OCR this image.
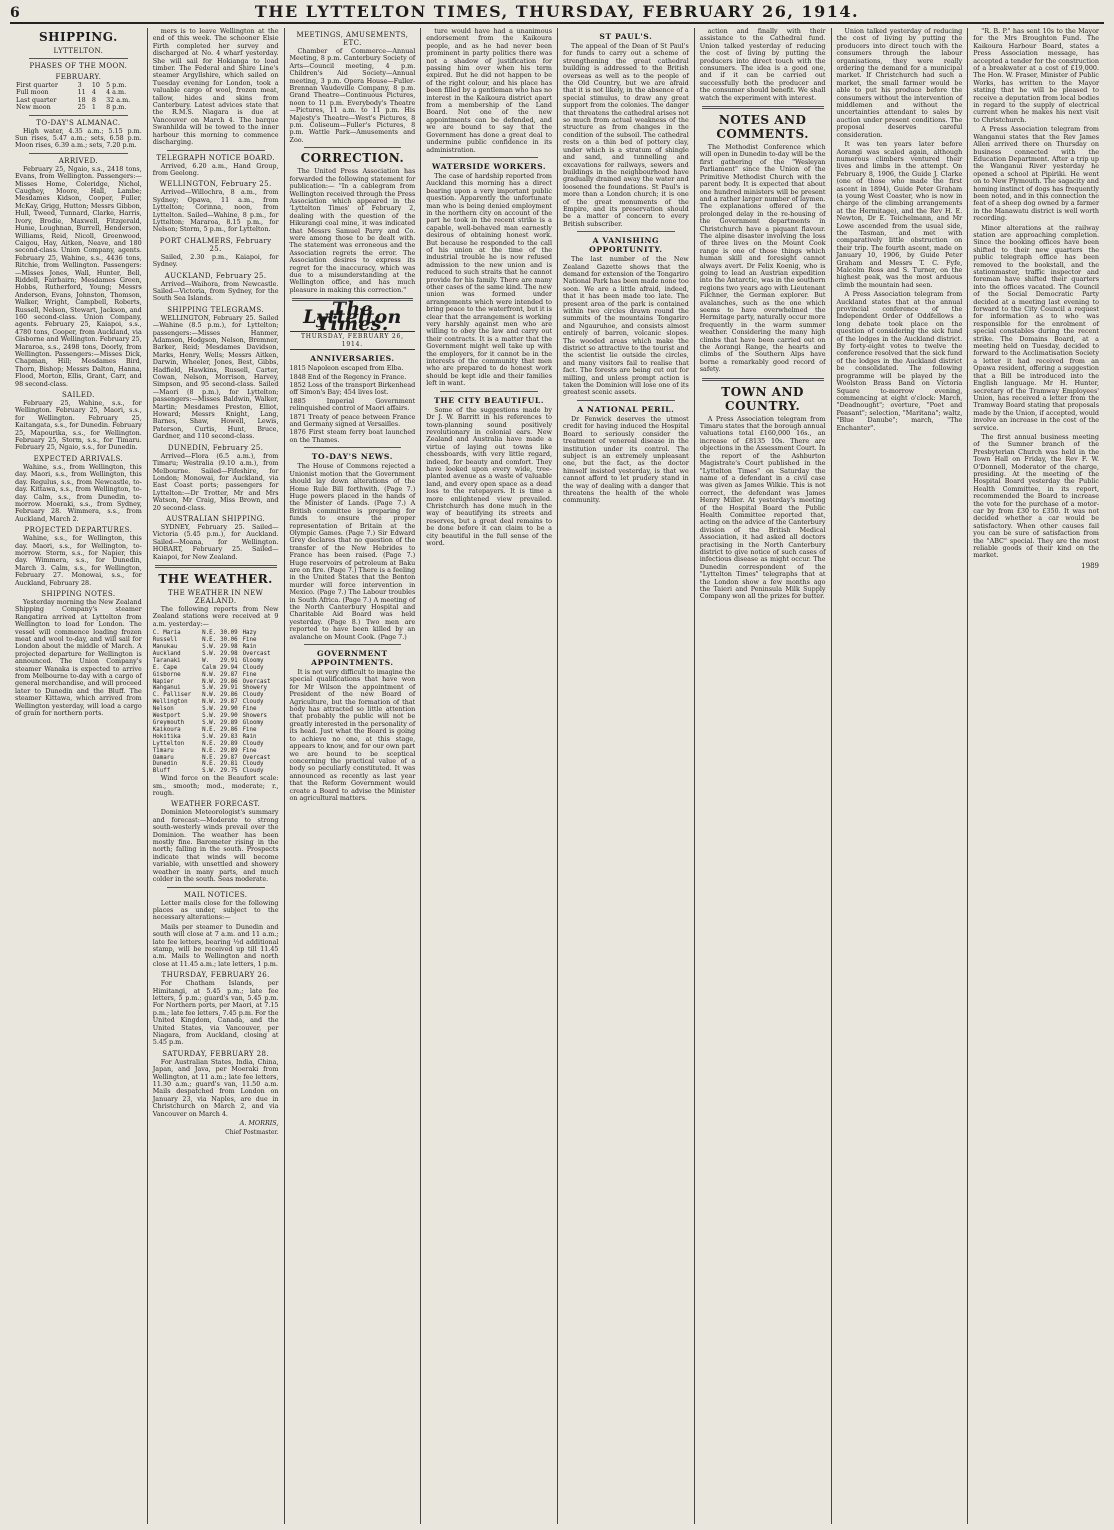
6	THE LYTTELTON TIMES, THURSDAY, FEBRUARY 26, 1914.
SHIPPING.
LYTTELTON.
PHASES OF THE MOON.
FEBRUARY.
First quarter	3	10	5 p.m.
Full moon	11	4	4 a.m.
Last quarter	18	8	32 a.m.
New moon	25	1	8 p.m.
TO-DAY'S ALMANAC.

High water, 4.35 a.m.; 5.15 p.m. Sun rises, 5.47 a.m.; sets, 6.58 p.m. Moon rises, 6.39 a.m.; sets, 7.20 p.m.

ARRIVED.

February 25, Ngaio, s.s., 2418 tons, Evans, from Wellington. Passengers:—Misses Home, Coleridge, Nichol, Caughey, Moore, Hall, Lambe; Mesdames Kidson, Cooper, Fuller, McKay, Grigg, Hutton; Messrs Gibbon, Hull, Tweed, Tunnard, Clarke, Harris, Ivory, Brodie, Maxwell, Fitzgerald, Hume, Loughnan, Burrell, Henderson, Williams, Reid, Nicoll, Greenwood, Caigou, Hay, Aitken, Neave, and 180 second-class. Union Company, agents. February 25, Wahine, s.s., 4436 tons, Ritchie, from Wellington. Passengers:—Misses Jones, Wall, Hunter, Bell, Riddell, Fairbairn; Mesdames Green, Hobbs, Rutherford, Young; Messrs Anderson, Evans, Johnston, Thomson, Walker, Wright, Campbell, Roberts, Russell, Nelson, Stewart, Jackson, and 160 second-class. Union Company, agents. February 25, Kaiapoi, s.s., 4780 tons, Cooper, from Auckland, via Gisborne and Wellington. February 25, Mararoa, s.s., 2498 tons, Doorly, from Wellington. Passengers:—Misses Dick, Chapman, Hill; Mesdames Bird, Thorn, Bishop; Messrs Dalton, Hanna, Flood, Morton, Ellis, Grant, Carr, and 98 second-class.

SAILED.

February 25, Wahine, s.s., for Wellington. February 25, Maori, s.s., for Wellington. February 25, Kaitangata, s.s., for Dunedin. February 25, Mapourika, s.s., for Wellington. February 25, Storm, s.s., for Timaru. February 25, Ngaio, s.s., for Dunedin.

EXPECTED ARRIVALS.

Wahine, s.s., from Wellington, this day. Maori, s.s., from Wellington, this day. Regulus, s.s., from Newcastle, to-day. Kittawa, s.s., from Wellington, to-day. Calm, s.s., from Dunedin, to-morrow. Moeraki, s.s., from Sydney, February 28. Wimmera, s.s., from Auckland, March 2.

PROJECTED DEPARTURES.

Wahine, s.s., for Wellington, this day. Maori, s.s., for Wellington, to-morrow. Storm, s.s., for Napier, this day. Wimmera, s.s., for Dunedin, March 3. Calm, s.s., for Wellington, February 27. Monowai, s.s., for Auckland, February 28.

SHIPPING NOTES.

Yesterday morning the New Zealand Shipping Company's steamer Rangatira arrived at Lyttelton from Wellington to load for London. The vessel will commence loading frozen meat and wool to-day, and will sail for London about the middle of March. A projected departure for Wellington is announced. The Union Company's steamer Wanaka is expected to arrive from Melbourne to-day with a cargo of general merchandise, and will proceed later to Dunedin and the Bluff. The steamer Kittawa, which arrived from Wellington yesterday, will load a cargo of grain for northern ports.

mers is to leave Wellington at the end of this week. The schooner Elsie Firth completed her survey and discharged at No. 4 wharf yesterday. She will sail for Hokianga to load timber. The Federal and Shire Line's steamer Argyllshire, which sailed on Tuesday evening for London, took a valuable cargo of wool, frozen meat, tallow, hides and skins from Canterbury. Latest advices state that the R.M.S. Niagara is due at Vancouver on March 4. The barque Swanhilda will be towed to the inner harbour this morning to commence discharging.

TELEGRAPH NOTICE BOARD.

Arrived, 6.20 a.m., Hand Group, from Geelong.

WELLINGTON, February 25.

Arrived—Willochra, 8 a.m., from Sydney; Opawa, 11 a.m., from Lyttelton; Corinna, noon, from Lyttelton. Sailed—Wahine, 8 p.m., for Lyttelton; Mararoa, 8.15 p.m., for Nelson; Storm, 5 p.m., for Lyttelton.

PORT CHALMERS, February 25.

Sailed, 2.30 p.m., Kaiapoi, for Sydney.

AUCKLAND, February 25.

Arrived—Waihora, from Newcastle. Sailed—Victoria, from Sydney, for the South Sea Islands.

SHIPPING TELEGRAMS.

WELLINGTON, February 25. Sailed—Wahine (8.5 p.m.), for Lyttelton; passengers:—Misses Hanmer, Adamson, Hodgson, Nelson, Bremner, Barker, Reid; Mesdames Davidson, Marks, Henry, Wells; Messrs Aitken, Darwin, Wheeler, Jones, Best, Gibbs, Hadfield, Hawkins, Russell, Carter, Cowan, Nelson, Morrison, Harvey, Simpson, and 95 second-class. Sailed—Maori (8 p.m.), for Lyttelton; passengers:—Misses Baldwin, Walker, Martin; Mesdames Preston, Elliot, Howard; Messrs Knight, Lang, Barnes, Shaw, Howell, Lewis, Paterson, Curtis, Hunt, Bruce, Gardner, and 110 second-class.

DUNEDIN, February 25.

Arrived—Flora (6.5 a.m.), from Timaru; Westralia (9.10 a.m.), from Melbourne. Sailed—Fifeshire, for London; Monowai, for Auckland, via East Coast ports; passengers for Lyttelton:—Dr Trotter, Mr and Mrs Watson, Mr Craig, Miss Brown, and 20 second-class.

AUSTRALIAN SHIPPING.

SYDNEY, February 25. Sailed—Victoria (5.45 p.m.), for Auckland. Sailed—Moana, for Wellington. HOBART, February 25. Sailed—Kaiapoi, for New Zealand.

THE WEATHER.
THE WEATHER IN NEW ZEALAND.

The following reports from New Zealand stations were received at 9 a.m. yesterday:—

C. Maria	N.E.	30.09	Hazy
Russell	N.E.	30.06	Fine
Manukau	S.W.	29.98	Rain
Auckland	S.W.	29.98	Overcast
Taranaki	W.	29.91	Gloomy
E. Cape	Calm	29.94	Cloudy
Gisborne	N.W.	29.87	Fine
Napier	N.W.	29.86	Overcast
Wanganui	S.W.	29.91	Showery
C. Palliser	N.W.	29.86	Cloudy
Wellington	N.W.	29.87	Cloudy
Nelson	S.W.	29.90	Fine
Westport	S.W.	29.90	Showers
Greymouth	S.W.	29.89	Gloomy
Kaikoura	N.E.	29.86	Fine
Hokitika	S.W.	29.83	Rain
Lyttelton	N.E.	29.89	Cloudy
Timaru	N.E.	29.89	Fine
Oamaru	N.E.	29.87	Overcast
Dunedin	N.E.	29.81	Cloudy
Bluff	S.W.	29.75	Cloudy

Wind force on the Beaufort scale: sm., smooth; mod., moderate; r., rough.

WEATHER FORECAST.

Dominion Meteorologist's summary and forecast:—Moderate to strong south-westerly winds prevail over the Dominion. The weather has been mostly fine. Barometer rising in the north; falling in the south. Prospects indicate that winds will become variable, with unsettled and showery weather in many parts, and much colder in the south. Seas moderate.

MAIL NOTICES.

Letter mails close for the following places as under, subject to the necessary alterations:—

Mails per steamer to Dunedin and south will close at 7 a.m. and 11 a.m.; late fee letters, bearing ½d additional stamp, will be received up till 11.45 a.m. Mails to Wellington and north close at 11.45 a.m.; late letters, 1 p.m.

THURSDAY, FEBRUARY 26.

For Chatham Islands, per Himitangi, at 5.45 p.m.; late fee letters, 5 p.m.; guard's van, 5.45 p.m. For Northern ports, per Maori, at 7.15 p.m.; late fee letters, 7.45 p.m. For the United Kingdom, Canada, and the United States, via Vancouver, per Niagara, from Auckland, closing at 5.45 p.m.

SATURDAY, FEBRUARY 28.

For Australian States, India, China, Japan, and Java, per Moeraki from Wellington, at 11 a.m.; late fee letters, 11.30 a.m.; guard's van, 11.50 a.m. Mails despatched from London on January 23, via Naples, are due in Christchurch on March 2, and via Vancouver on March 4.

A. MORRIS,
Chief Postmaster.
MEETINGS, AMUSEMENTS, ETC.

Chamber of Commerce—Annual Meeting, 8 p.m. Canterbury Society of Arts—Council meeting, 4 p.m. Children's Aid Society—Annual meeting, 3 p.m. Opera House—Fuller-Brennan Vaudeville Company, 8 p.m. Grand Theatre—Continuous Pictures, noon to 11 p.m. Everybody's Theatre—Pictures, 11 a.m. to 11 p.m. His Majesty's Theatre—West's Pictures, 8 p.m. Coliseum—Fuller's Pictures, 8 p.m. Wattle Park—Amusements and Zoo.

CORRECTION.

The United Press Association has forwarded the following statement for publication:— "In a cablegram from Wellington received through the Press Association which appeared in the 'Lyttelton Times' of February 2, dealing with the question of the Hikurangi coal mine, it was indicated that Messrs Samuel Parry and Co. were among those to be dealt with. The statement was erroneous and the Association regrets the error. The Association desires to express its regret for the inaccuracy, which was due to a misunderstanding at the Wellington office, and has much pleasure in making this correction."

The Lyttelton Times.
THURSDAY, FEBRUARY 26, 1914.
ANNIVERSARIES.
1815 Napoleon escaped from Elba.
1848 End of the Regency in France.
1852 Loss of the transport Birkenhead off Simon's Bay; 454 lives lost.
1885 Imperial Government relinquished control of Maori affairs.
1871 Treaty of peace between France and Germany signed at Versailles.
1876 First steam ferry boat launched on the Thames.
TO-DAY'S NEWS.

The House of Commons rejected a Unionist motion that the Government should lay down alterations of the Home Rule Bill forthwith. (Page 7.) Huge powers placed in the hands of the Minister of Lands. (Page 7.) A British committee is preparing for funds to ensure the proper representation of Britain at the Olympic Games. (Page 7.) Sir Edward Grey declares that no question of the transfer of the New Hebrides to France has been raised. (Page 7.) Huge reservoirs of petroleum at Baku are on fire. (Page 7.) There is a feeling in the United States that the Benton murder will force intervention in Mexico. (Page 7.) The Labour troubles in South Africa. (Page 7.) A meeting of the North Canterbury Hospital and Charitable Aid Board was held yesterday. (Page 8.) Two men are reported to have been killed by an avalanche on Mount Cook. (Page 7.)

GOVERNMENT APPOINTMENTS.

It is not very difficult to imagine the special qualifications that have won for Mr Wilson the appointment of President of the new Board of Agriculture, but the formation of that body has attracted so little attention that probably the public will not be greatly interested in the personality of its head. Just what the Board is going to achieve no one, at this stage, appears to know, and for our own part we are bound to be sceptical concerning the practical value of a body so peculiarly constituted. It was announced as recently as last year that the Reform Government would create a Board to advise the Minister on agricultural matters.

ture would have had a unanimous endorsement from the Kaikoura people, and as he had never been prominent in party politics there was not a shadow of justification for passing him over when his term expired. But he did not happen to be of the right colour, and his place has been filled by a gentleman who has no interest in the Kaikoura district apart from a membership of the Land Board. Not one of the new appointments can be defended, and we are bound to say that the Government has done a great deal to undermine public confidence in its administration.

WATERSIDE WORKERS.

The case of hardship reported from Auckland this morning has a direct bearing upon a very important public question. Apparently the unfortunate man who is being denied employment in the northern city on account of the part he took in the recent strike is a capable, well-behaved man earnestly desirous of obtaining honest work. But because he responded to the call of his union at the time of the industrial trouble he is now refused admission to the new union and is reduced to such straits that he cannot provide for his family. There are many other cases of the same kind. The new union was formed under arrangements which were intended to bring peace to the waterfront, but it is clear that the arrangement is working very harshly against men who are willing to obey the law and carry out their contracts. It is a matter that the Government might well take up with the employers, for it cannot be in the interests of the community that men who are prepared to do honest work should be kept idle and their families left in want.

THE CITY BEAUTIFUL.

Some of the suggestions made by Dr J. W. Barritt in his references to town-planning sound positively revolutionary in colonial ears. New Zealand and Australia have made a virtue of laying out towns like chessboards, with very little regard, indeed, for beauty and comfort. They have looked upon every wide, tree-planted avenue as a waste of valuable land, and every open space as a dead loss to the ratepayers. It is time a more enlightened view prevailed. Christchurch has done much in the way of beautifying its streets and reserves, but a great deal remains to be done before it can claim to be a city beautiful in the full sense of the word.

ST PAUL'S.

The appeal of the Dean of St Paul's for funds to carry out a scheme of strengthening the great cathedral building is addressed to the British overseas as well as to the people of the Old Country, but we are afraid that it is not likely, in the absence of a special stimulus, to draw any great support from the colonies. The danger that threatens the cathedral arises not so much from actual weakness of the structure as from changes in the condition of the subsoil. The cathedral rests on a thin bed of pottery clay, under which is a stratum of shingle and sand, and tunnelling and excavations for railways, sewers and buildings in the neighbourhood have gradually drained away the water and loosened the foundations. St Paul's is more than a London church; it is one of the great monuments of the Empire, and its preservation should be a matter of concern to every British subscriber.

A VANISHING OPPORTUNITY.

The last number of the New Zealand Gazette shows that the demand for extension of the Tongariro National Park has been made none too soon. We are a little afraid, indeed, that it has been made too late. The present area of the park is contained within two circles drawn round the summits of the mountains Tongariro and Ngauruhoe, and consists almost entirely of barren, volcanic slopes. The wooded areas which make the district so attractive to the tourist and the scientist lie outside the circles, and many visitors fail to realise that fact. The forests are being cut out for milling, and unless prompt action is taken the Dominion will lose one of its greatest scenic assets.

A NATIONAL PERIL.

Dr Fenwick deserves the utmost credit for having induced the Hospital Board to seriously consider the treatment of venereal disease in the institution under its control. The subject is an extremely unpleasant one, but the fact, as the doctor himself insisted yesterday, is that we cannot afford to let prudery stand in the way of dealing with a danger that threatens the health of the whole community.

action and finally with their assistance to the Cathedral fund. Union talked yesterday of reducing the cost of living by putting the producers into direct touch with the consumers. The idea is a good one, and if it can be carried out successfully both the producer and the consumer should benefit. We shall watch the experiment with interest.

NOTES AND COMMENTS.

The Methodist Conference which will open in Dunedin to-day will be the first gathering of the "Wesleyan Parliament" since the Union of the Primitive Methodist Church with the parent body. It is expected that about one hundred ministers will be present and a rather larger number of laymen. The explanations offered of the prolonged delay in the re-housing of the Government departments in Christchurch have a piquant flavour. The alpine disaster involving the loss of three lives on the Mount Cook range is one of those things which human skill and foresight cannot always avert. Dr Felix Koenig, who is going to lead an Austrian expedition into the Antarctic, was in the southern regions two years ago with Lieutenant Filchner, the German explorer. But avalanches, such as the one which seems to have overwhelmed the Hermitage party, naturally occur more frequently in the warm summer weather. Considering the many high climbs that have been carried out on the Aorangi Range, the hearts and climbs of the Southern Alps have borne a remarkably good record of safety.

TOWN AND COUNTRY.

A Press Association telegram from Timaru states that the borough annual valuations total £160,000 16s., an increase of £8135 10s. There are objections in the Assessment Court. In the report of the Ashburton Magistrate's Court published in the "Lyttelton Times" on Saturday the name of a defendant in a civil case was given as James Wilkie. This is not correct, the defendant was James Henry Miller. At yesterday's meeting of the Hospital Board the Public Health Committee reported that, acting on the advice of the Canterbury division of the British Medical Association, it had asked all doctors practising in the North Canterbury district to give notice of such cases of infectious disease as might occur. The Dunedin correspondent of the "Lyttelton Times" telegraphs that at the London show a few months ago the Taieri and Peninsula Milk Supply Company won all the prizes for butter.

Union talked yesterday of reducing the cost of living by putting the producers into direct touch with the consumers through the labour organisations, they were really ordering the demand for a municipal market. If Christchurch had such a market, the small farmer would be able to put his produce before the consumers without the intervention of middlemen and without the uncertainties attendant to sales by auction under present conditions. The proposal deserves careful consideration.

It was ten years later before Aorangi was scaled again, although numerous climbers ventured their lives and limbs in the attempt. On February 8, 1906, the Guide J. Clarke (one of those who made the first ascent in 1894), Guide Peter Graham (a young West Coaster, who is now in charge of the climbing arrangements at the Hermitage), and the Rev H. E. Newton, Dr E. Teichelmann, and Mr Lowe ascended from the usual side, the Tasman, and met with comparatively little obstruction on their trip. The fourth ascent, made on January 10, 1906, by Guide Peter Graham and Messrs T. C. Fyfe, Malcolm Ross and S. Turner, on the highest peak, was the most arduous climb the mountain had seen.

A Press Association telegram from Auckland states that at the annual provincial conference of the Independent Order of Oddfellows a long debate took place on the question of considering the sick fund of the lodges in the Auckland district. By forty-eight votes to twelve the conference resolved that the sick fund of the lodges in the Auckland district be consolidated. The following programme will be played by the Woolston Brass Band on Victoria Square to-morrow evening, commencing at eight o'clock: March, "Deadnought"; overture, "Poet and Peasant"; selection, "Maritana"; waltz, "Blue Danube"; march, "The Enchanter".

"R. B. P." has sent 10s to the Mayor for the Mrs Broughton Fund. The Kaikoura Harbour Board, states a Press Association message, has accepted a tender for the construction of a breakwater at a cost of £19,000. The Hon. W. Fraser, Minister of Public Works, has written to the Mayor stating that he will be pleased to receive a deputation from local bodies in regard to the supply of electrical current when he makes his next visit to Christchurch.

A Press Association telegram from Wanganui states that the Rev James Allen arrived there on Thursday on business connected with the Education Department. After a trip up the Wanganui River yesterday he opened a school at Pipiriki. He went on to New Plymouth. The sagacity and homing instinct of dogs has frequently been noted, and in this connection the feat of a sheep dog owned by a farmer in the Manawatu district is well worth recording.

Minor alterations at the railway station are approaching completion. Since the booking offices have been shifted to their new quarters the public telegraph office has been removed to the bookstall, and the stationmaster, traffic inspector and foreman have shifted their quarters into the offices vacated. The Council of the Social Democratic Party decided at a meeting last evening to forward to the City Council a request for information as to who was responsible for the enrolment of special constables during the recent strike. The Domains Board, at a meeting held on Tuesday, decided to forward to the Acclimatisation Society a letter it had received from an Opawa resident, offering a suggestion that a Bill be introduced into the English language. Mr H. Hunter, secretary of the Tramway Employees' Union, has received a letter from the Tramway Board stating that proposals made by the Union, if accepted, would involve an increase in the cost of the service.

The first annual business meeting of the Sumner branch of the Presbyterian Church was held in the Town Hall on Friday, the Rev F. W. O'Donnell, Moderator of the charge, presiding. At the meeting of the Hospital Board yesterday the Public Health Committee, in its report, recommended the Board to increase the vote for the purchase of a motor-car by from £30 to £350. It was not decided whether a car would be satisfactory. When other causes fail you can be sure of satisfaction from the "ABC" special. They are the most reliable goods of their kind on the market.

1989
